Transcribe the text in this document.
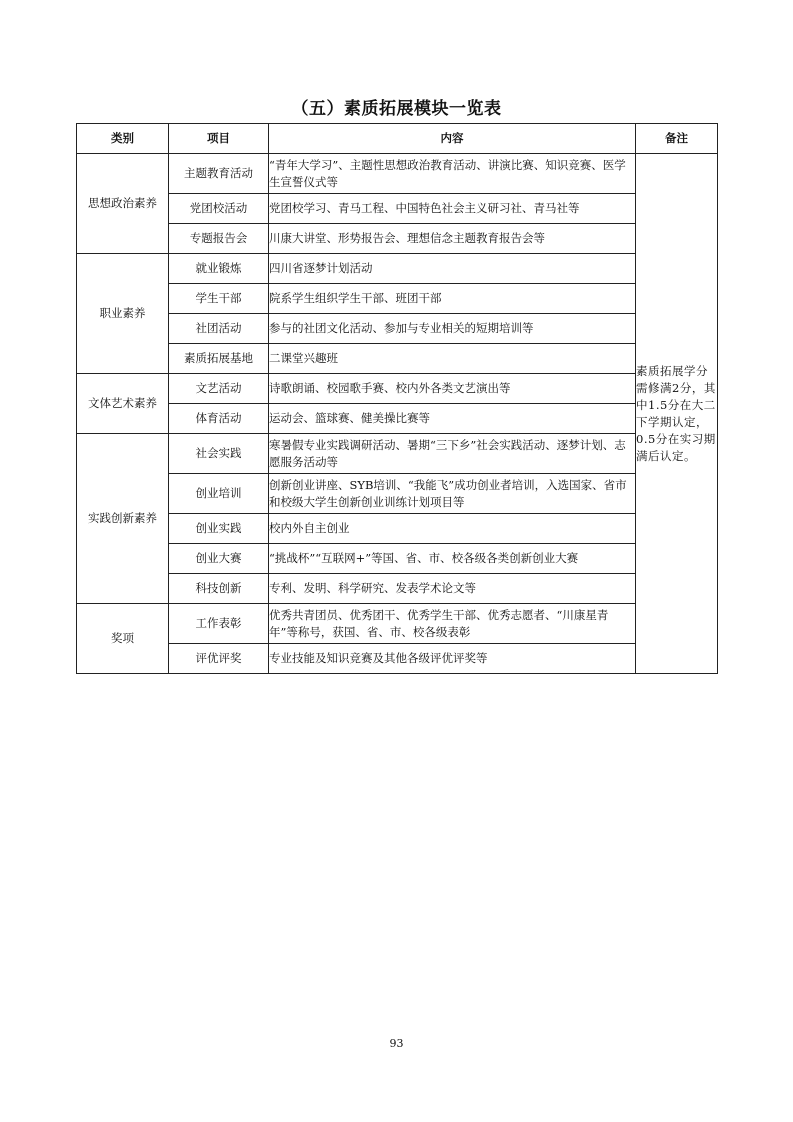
（五）素质拓展模块一览表
类别	项目	内容	备注
思想政治素养	主题教育活动	“青年大学习”、主题性思想政治教育活动、讲演比赛、知识竞赛、医学生宣誓仪式等	素质拓展学分需修满2分，其中1.5分在大二下学期认定，0.5分在实习期满后认定。
	党团校活动	党团校学习、青马工程、中国特色社会主义研习社、青马社等	
	专题报告会	川康大讲堂、形势报告会、理想信念主题教育报告会等	
职业素养	就业锻炼	四川省逐梦计划活动	
	学生干部	院系学生组织学生干部、班团干部	
	社团活动	参与的社团文化活动、参加与专业相关的短期培训等	
	素质拓展基地	二课堂兴趣班	
文体艺术素养	文艺活动	诗歌朗诵、校园歌手赛、校内外各类文艺演出等	
	体育活动	运动会、篮球赛、健美操比赛等	
实践创新素养	社会实践	寒暑假专业实践调研活动、暑期“三下乡”社会实践活动、逐梦计划、志愿服务活动等	
	创业培训	创新创业讲座、SYB培训、“我能飞”成功创业者培训，入选国家、省市和校级大学生创新创业训练计划项目等	
	创业实践	校内外自主创业	
	创业大赛	“挑战杯”“互联网+”等国、省、市、校各级各类创新创业大赛	
	科技创新	专利、发明、科学研究、发表学术论文等	
奖项	工作表彰	优秀共青团员、优秀团干、优秀学生干部、优秀志愿者、“川康星青年”等称号，获国、省、市、校各级表彰	
	评优评奖	专业技能及知识竞赛及其他各级评优评奖等	
93
